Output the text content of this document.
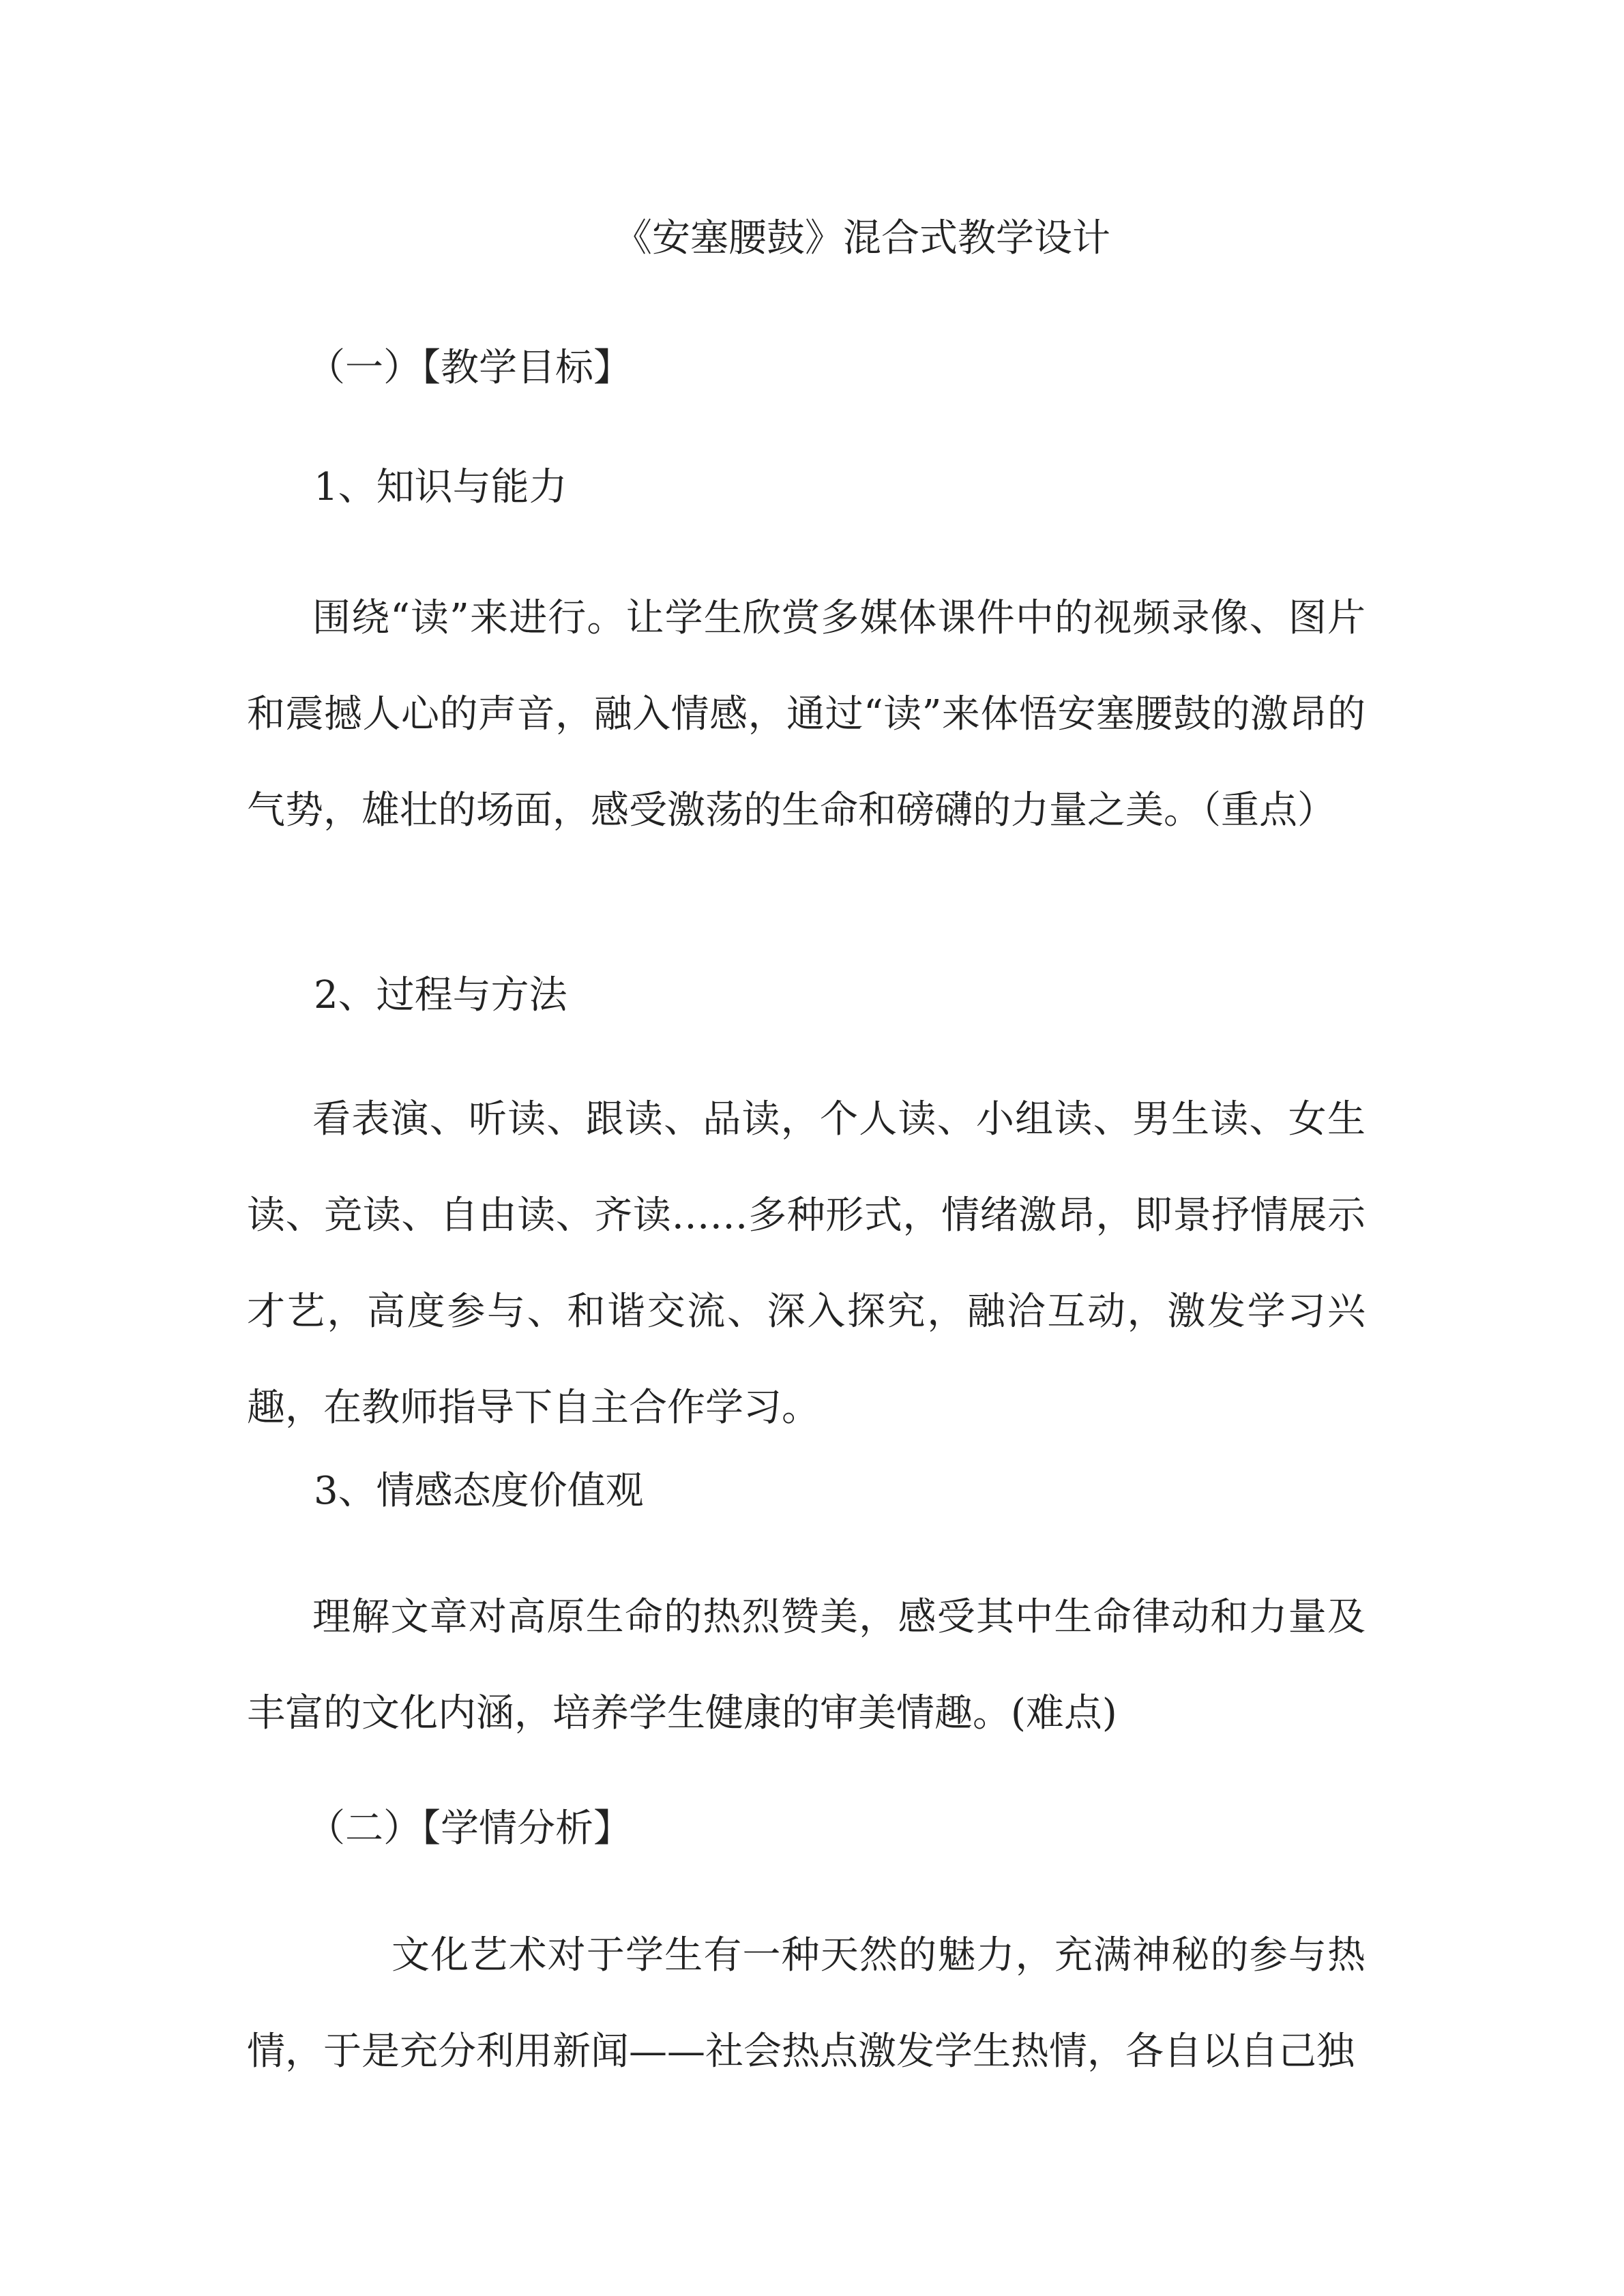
《安塞腰鼓》混合式教学设计
（一）【教学目标】
1、知识与能力
围绕“读”来进行。让学生欣赏多媒体课件中的视频录像、图片和震撼人心的声音，融入情感，通过“读”来体悟安塞腰鼓的激昂的气势，雄壮的场面，感受激荡的生命和磅礴的力量之美。（重点）
2、过程与方法
看表演、听读、跟读、品读，个人读、小组读、男生读、女生读、竞读、自由读、齐读……多种形式，情绪激昂，即景抒情展示才艺，高度参与、和谐交流、深入探究，融洽互动，激发学习兴趣，在教师指导下自主合作学习。
3、情感态度价值观
理解文章对高原生命的热烈赞美，感受其中生命律动和力量及丰富的文化内涵，培养学生健康的审美情趣。(难点)
（二）【学情分析】
文化艺术对于学生有一种天然的魅力，充满神秘的参与热情，于是充分利用新闻——社会热点激发学生热情，各自以自己独
